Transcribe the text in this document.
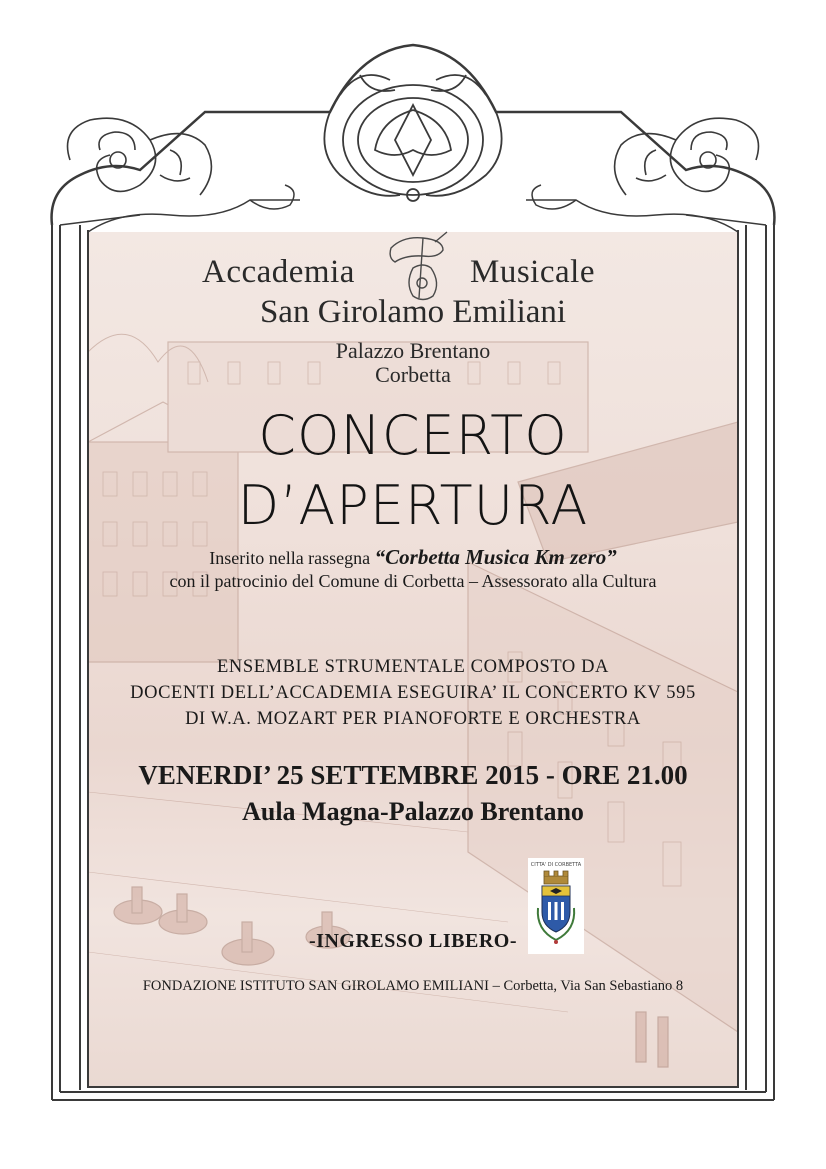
Accademia	Musicale
San Girolamo Emiliani
Palazzo Brentano
Corbetta
CONCERTO
D’APERTURA
Inserito nella rassegna “Corbetta Musica Km zero”
con il patrocinio del Comune di Corbetta – Assessorato alla Cultura
ENSEMBLE STRUMENTALE COMPOSTO DA
DOCENTI DELL’ACCADEMIA ESEGUIRA’ IL CONCERTO KV 595
DI W.A. MOZART PER PIANOFORTE E ORCHESTRA
VENERDI’ 25 SETTEMBRE 2015 - ORE 21.00
Aula Magna-Palazzo Brentano
CITTA' DI CORBETTA
-INGRESSO LIBERO-
FONDAZIONE ISTITUTO SAN GIROLAMO EMILIANI – Corbetta, Via San Sebastiano 8
